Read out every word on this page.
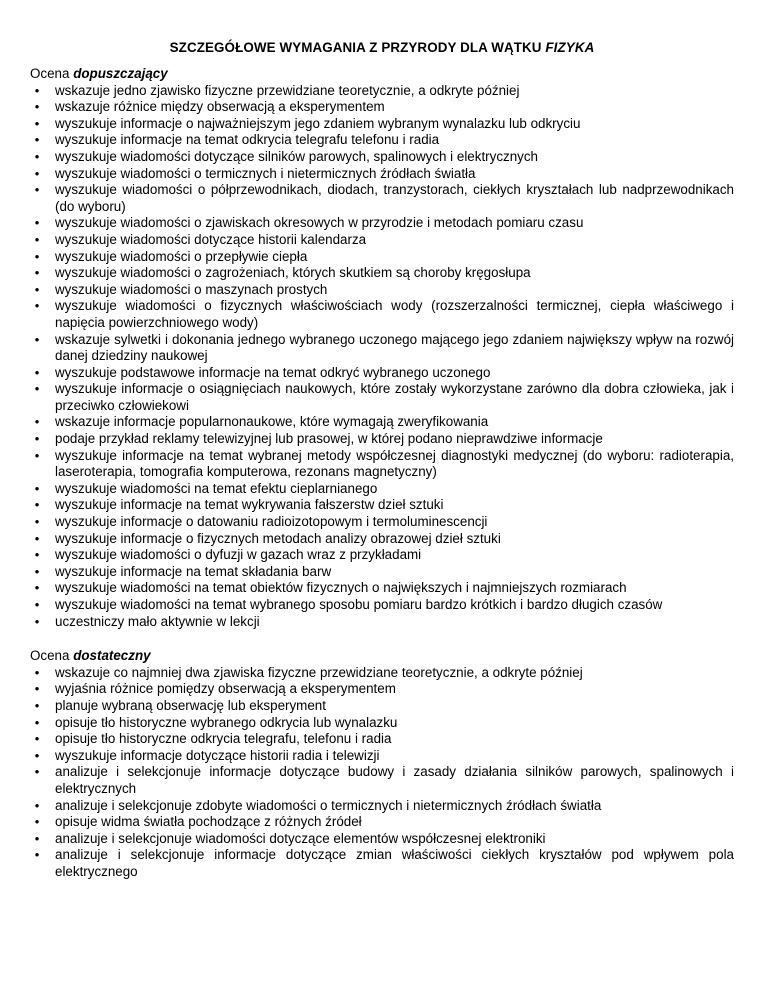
SZCZEGÓŁOWE WYMAGANIA Z PRZYRODY DLA WĄTKU FIZYKA

Ocena dopuszczający

• wskazuje jedno zjawisko fizyczne przewidziane teoretycznie, a odkryte później
• wskazuje różnice między obserwacją a eksperymentem
• wyszukuje informacje o najważniejszym jego zdaniem wybranym wynalazku lub odkryciu
• wyszukuje informacje na temat odkrycia telegrafu telefonu i radia
• wyszukuje wiadomości dotyczące silników parowych, spalinowych i elektrycznych
• wyszukuje wiadomości o termicznych i nietermicznych źródłach światła
• wyszukuje wiadomości o półprzewodnikach, diodach, tranzystorach, ciekłych kryształach lub nadprzewodnikach (do wyboru)
• wyszukuje wiadomości o zjawiskach okresowych w przyrodzie i metodach pomiaru czasu
• wyszukuje wiadomości dotyczące historii kalendarza
• wyszukuje wiadomości o przepływie ciepła
• wyszukuje wiadomości o zagrożeniach, których skutkiem są choroby kręgosłupa
• wyszukuje wiadomości o maszynach prostych
• wyszukuje wiadomości o fizycznych właściwościach wody (rozszerzalności termicznej, ciepła właściwego i napięcia powierzchniowego wody)
• wskazuje sylwetki i dokonania jednego wybranego uczonego mającego jego zdaniem największy wpływ na rozwój danej dziedziny naukowej
• wyszukuje podstawowe informacje na temat odkryć wybranego uczonego
• wyszukuje informacje o osiągnięciach naukowych, które zostały wykorzystane zarówno dla dobra człowieka, jak i przeciwko człowiekowi
• wskazuje informacje popularnonaukowe, które wymagają zweryfikowania
• podaje przykład reklamy telewizyjnej lub prasowej, w której podano nieprawdziwe informacje
• wyszukuje informacje na temat wybranej metody współczesnej diagnostyki medycznej (do wyboru: radioterapia, laseroterapia, tomografia komputerowa, rezonans magnetyczny)
• wyszukuje wiadomości na temat efektu cieplarnianego
• wyszukuje informacje na temat wykrywania fałszerstw dzieł sztuki
• wyszukuje informacje o datowaniu radioizotopowym i termoluminescencji
• wyszukuje informacje o fizycznych metodach analizy obrazowej dzieł sztuki
• wyszukuje wiadomości o dyfuzji w gazach wraz z przykładami
• wyszukuje informacje na temat składania barw
• wyszukuje wiadomości na temat obiektów fizycznych o największych i najmniejszych rozmiarach
• wyszukuje wiadomości na temat wybranego sposobu pomiaru bardzo krótkich i bardzo długich czasów
• uczestniczy mało aktywnie w lekcji

Ocena dostateczny

• wskazuje co najmniej dwa zjawiska fizyczne przewidziane teoretycznie, a odkryte później
• wyjaśnia różnice pomiędzy obserwacją a eksperymentem
• planuje wybraną obserwację lub eksperyment
• opisuje tło historyczne wybranego odkrycia lub wynalazku
• opisuje tło historyczne odkrycia telegrafu, telefonu i radia
• wyszukuje informacje dotyczące historii radia i telewizji
• analizuje i selekcjonuje informacje dotyczące budowy i zasady działania silników parowych, spalinowych i elektrycznych
• analizuje i selekcjonuje zdobyte wiadomości o termicznych i nietermicznych źródłach światła
• opisuje widma światła pochodzące z różnych źródeł
• analizuje i selekcjonuje wiadomości dotyczące elementów współczesnej elektroniki
• analizuje i selekcjonuje informacje dotyczące zmian właściwości ciekłych kryształów pod wpływem pola elektrycznego
